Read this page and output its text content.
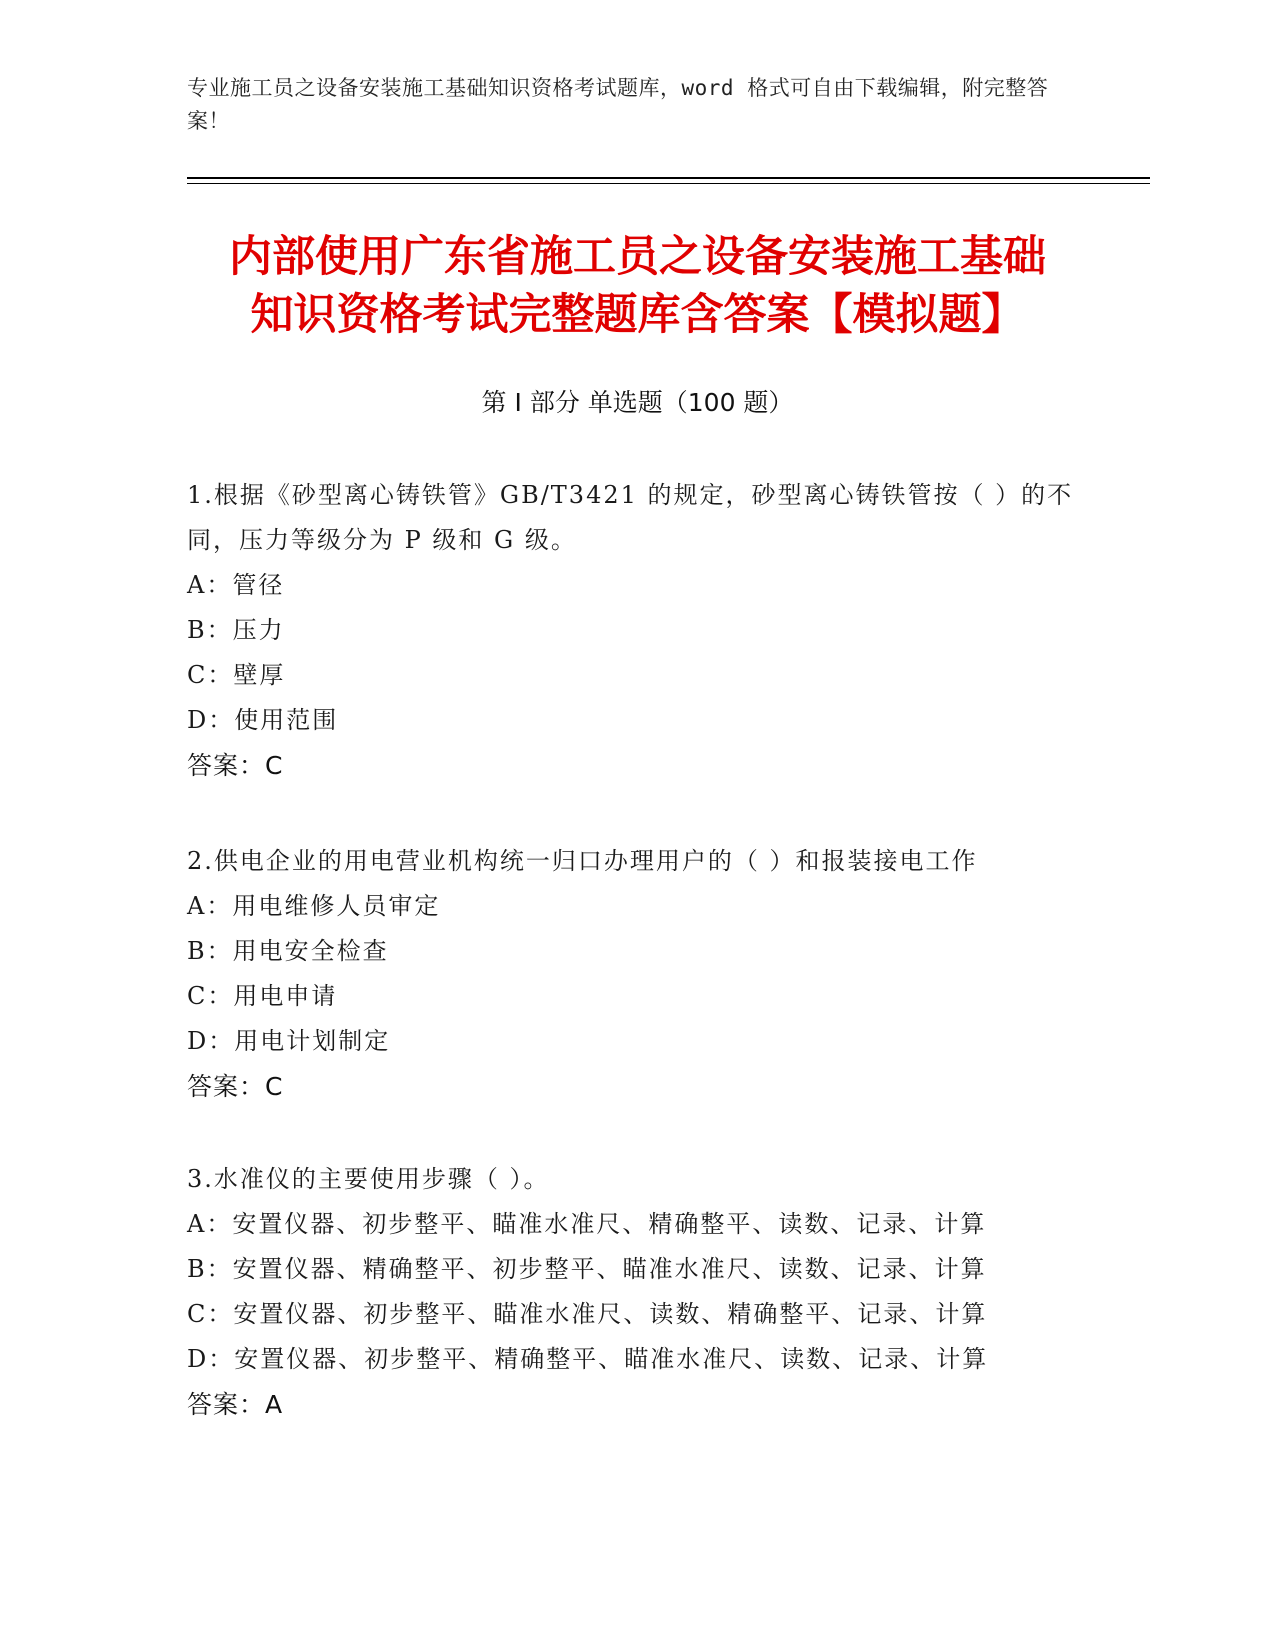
专业施工员之设备安装施工基础知识资格考试题库，word 格式可自由下载编辑，附完整答案！
内部使用广东省施工员之设备安装施工基础
知识资格考试完整题库含答案【模拟题】
第 I 部分 单选题（100 题）
1.根据《砂型离心铸铁管》GB/T3421 的规定，砂型离心铸铁管按（ ）的不同，压力等级分为 P 级和 G 级。
A：管径
B：压力
C：壁厚
D：使用范围
答案：C
2.供电企业的用电营业机构统一归口办理用户的（ ）和报装接电工作
A：用电维修人员审定
B：用电安全检查
C：用电申请
D：用电计划制定
答案：C
3.水准仪的主要使用步骤（ ）。
A：安置仪器、初步整平、瞄准水准尺、精确整平、读数、记录、计算
B：安置仪器、精确整平、初步整平、瞄准水准尺、读数、记录、计算
C：安置仪器、初步整平、瞄准水准尺、读数、精确整平、记录、计算
D：安置仪器、初步整平、精确整平、瞄准水准尺、读数、记录、计算
答案：A
